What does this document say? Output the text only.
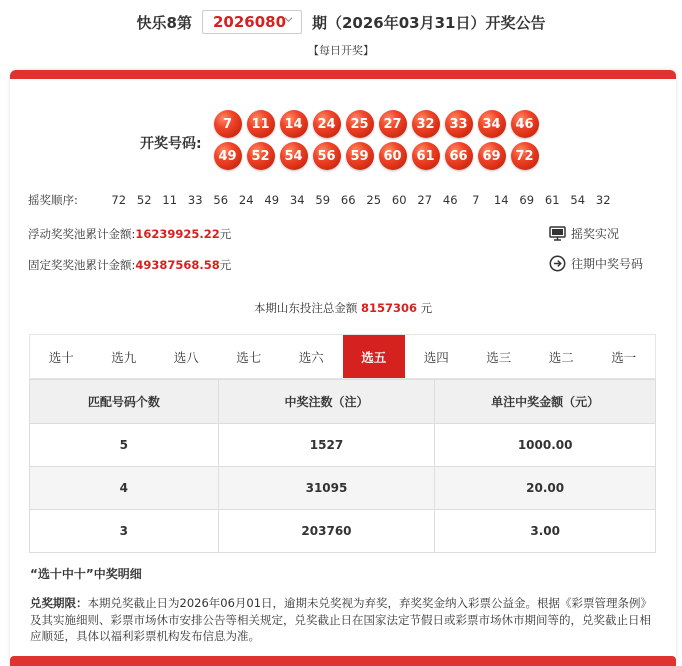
快乐8第 2026080 期（2026年03月31日）开奖公告
【每日开奖】
开奖号码:
7	11	14	24	25	27	32	33	34	46
49	52	54	56	59	60	61	66	69	72
摇奖顺序:	72 52 11 33 56 24 49 34 59 66 25 60 27 46	7	14 69 61 54 32
浮动奖奖池累计金额:16239925.22元
固定奖奖池累计金额:49387568.58元
摇奖实况
往期中奖号码
本期山东投注总金额 8157306 元
选十	选九	选八	选七	选六	选五	选四	选三	选二	选一
匹配号码个数	中奖注数（注）	单注中奖金额（元）
5	1527	1000.00
4	31095	20.00
3	203760	3.00
“选十中十”中奖明细
兑奖期限：本期兑奖截止日为2026年06月01日，逾期未兑奖视为弃奖，弃奖奖金纳入彩票公益金。根据《彩票管理条例》及其实施细则、彩票市场休市安排公告等相关规定，兑奖截止日在国家法定节假日或彩票市场休市期间等的，兑奖截止日相应顺延，具体以福利彩票机构发布信息为准。
